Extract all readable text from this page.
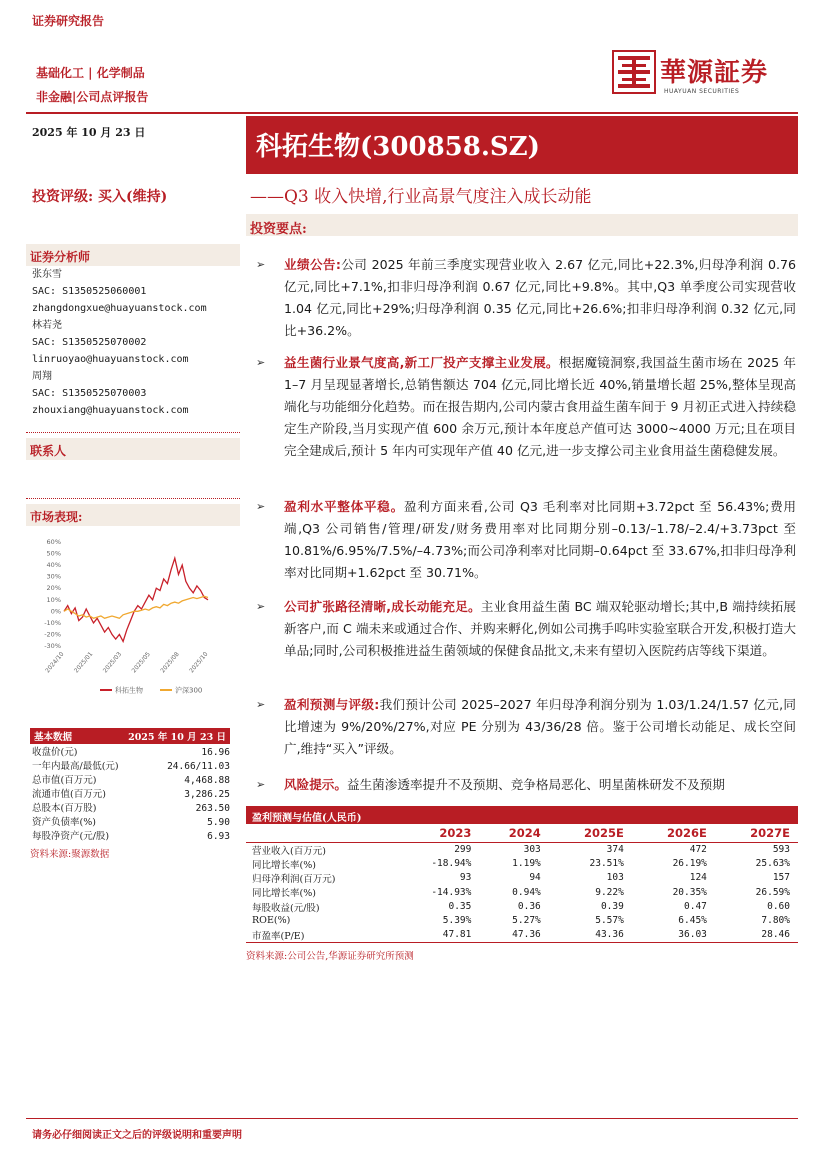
证券研究报告
基础化工 | 化学制品
非金融|公司点评报告
華源証券
HUAYUAN SECURITIES
2025 年 10 月 23 日	科拓生物(300858.SZ)
投资评级: 买入(维持)	——Q3 收入快增,行业高景气度注入成长动能
投资要点:
证券分析师
张东雪
SAC: S1350525060001
zhangdongxue@huayuanstock.com
林若尧
SAC: S1350525070002
linruoyao@huayuanstock.com
周翔
SAC: S1350525070003
zhouxiang@huayuanstock.com
联系人
市场表现:
60%
50%
40%
30%
20%
10%
0%
-10%
-20%
-30%
2024/10 2025/01 2025/03 2025/05 2025/08 2025/10
科拓生物	沪深300
➢ 业绩公告:公司 2025 年前三季度实现营业收入 2.67 亿元,同比+22.3%,归母净利润 0.76 亿元,同比+7.1%,扣非归母净利润 0.67 亿元,同比+9.8%。其中,Q3 单季度公司实现营收 1.04 亿元,同比+29%;归母净利润 0.35 亿元,同比+26.6%;扣非归母净利润 0.32 亿元,同比+36.2%。
➢ 益生菌行业景气度高,新工厂投产支撑主业发展。根据魔镜洞察,我国益生菌市场在 2025 年 1–7 月呈现显著增长,总销售额达 704 亿元,同比增长近 40%,销量增长超 25%,整体呈现高端化与功能细分化趋势。而在报告期内,公司内蒙古食用益生菌车间于 9 月初正式进入持续稳定生产阶段,当月实现产值 600 余万元,预计本年度总产值可达 3000~4000 万元;且在项目完全建成后,预计 5 年内可实现年产值 40 亿元,进一步支撑公司主业食用益生菌稳健发展。
➢ 盈利水平整体平稳。盈利方面来看,公司 Q3 毛利率对比同期+3.72pct 至 56.43%;费用端,Q3 公司销售/管理/研发/财务费用率对比同期分别–0.13/–1.78/–2.4/+3.73pct 至 10.81%/6.95%/7.5%/–4.73%;而公司净利率对比同期–0.64pct 至 33.67%,扣非归母净利率对比同期+1.62pct 至 30.71%。
➢ 公司扩张路径清晰,成长动能充足。主业食用益生菌 BC 端双轮驱动增长;其中,B 端持续拓展新客户,而 C 端未来或通过合作、并购来孵化,例如公司携手呜咔实验室联合开发,积极打造大单品;同时,公司积极推进益生菌领域的保健食品批文,未来有望切入医院药店等线下渠道。
➢ 盈利预测与评级:我们预计公司 2025–2027 年归母净利润分别为 1.03/1.24/1.57 亿元,同比增速为 9%/20%/27%,对应 PE 分别为 43/36/28 倍。鉴于公司增长动能足、成长空间广,维持“买入”评级。
➢ 风险提示。益生菌渗透率提升不及预期、竞争格局恶化、明星菌株研发不及预期
基本数据	2025 年 10 月 23 日
收盘价(元)	16.96
一年内最高/最低(元)	24.66/11.03
总市值(百万元)	4,468.88
流通市值(百万元)	3,286.25
总股本(百万股)	263.50
资产负债率(%)	5.90
每股净资产(元/股)	6.93
资料来源:聚源数据
盈利预测与估值(人民币)
	2023	2024	2025E	2026E	2027E
营业收入(百万元)	299	303	374	472	593
同比增长率(%)	-18.94%	1.19%	23.51%	26.19%	25.63%
归母净利润(百万元)	93	94	103	124	157
同比增长率(%)	-14.93%	0.94%	9.22%	20.35%	26.59%
每股收益(元/股)	0.35	0.36	0.39	0.47	0.60
ROE(%)	5.39%	5.27%	5.57%	6.45%	7.80%
市盈率(P/E)	47.81	47.36	43.36	36.03	28.46
资料来源:公司公告,华源证券研究所预测
请务必仔细阅读正文之后的评级说明和重要声明
